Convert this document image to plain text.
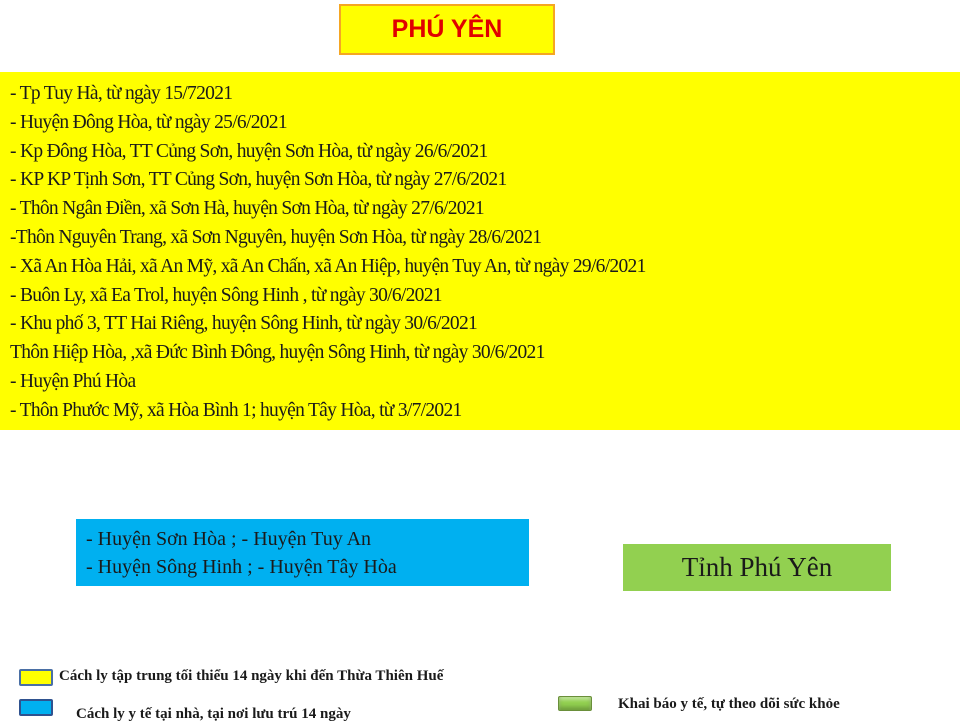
PHÚ YÊN
- Tp Tuy Hà, từ ngày 15/72021
- Huyện Đông Hòa, từ ngày 25/6/2021
- Kp Đông Hòa, TT Củng Sơn, huyện Sơn Hòa, từ ngày 26/6/2021
- KP KP Tịnh Sơn, TT Củng Sơn, huyện Sơn Hòa, từ ngày 27/6/2021
- Thôn Ngân Điền, xã Sơn Hà, huyện Sơn Hòa, từ ngày 27/6/2021
-Thôn Nguyên Trang, xã Sơn Nguyên, huyện Sơn Hòa, từ ngày 28/6/2021
- Xã An Hòa Hải, xã An Mỹ, xã An Chấn, xã An Hiệp, huyện Tuy An, từ ngày 29/6/2021
- Buôn Ly, xã Ea Trol, huyện Sông Hinh , từ ngày 30/6/2021
- Khu phố 3, TT Hai Riêng, huyện Sông Hinh, từ ngày 30/6/2021
Thôn Hiệp Hòa, ,xã Đức Bình Đông, huyện Sông Hinh, từ ngày 30/6/2021
- Huyện Phú Hòa
- Thôn Phước Mỹ, xã Hòa Bình 1; huyện Tây Hòa, từ 3/7/2021
- Huyện Sơn Hòa ; - Huyện Tuy An
- Huyện Sông Hinh ; - Huyện Tây Hòa	Tỉnh Phú Yên
Cách ly tập trung tối thiểu 14 ngày khi đến Thừa Thiên Huế
Cách ly y tế tại nhà, tại nơi lưu trú 14 ngày
Khai báo y tế, tự theo dõi sức khỏe
